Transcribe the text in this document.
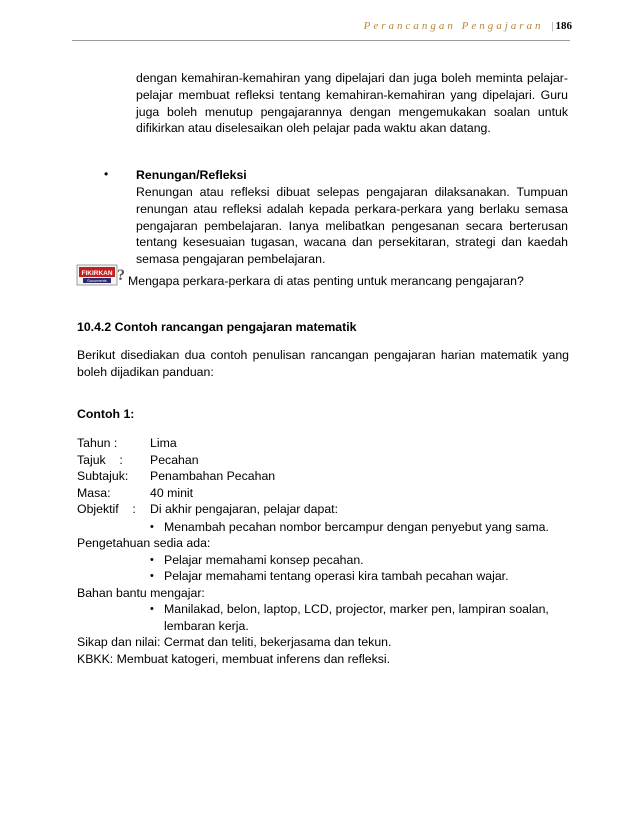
Perancangan Pengajaran | 186
dengan kemahiran-kemahiran yang dipelajari dan juga boleh meminta pelajar-pelajar membuat refleksi tentang kemahiran-kemahiran yang dipelajari. Guru juga boleh menutup pengajarannya dengan mengemukakan soalan untuk difikirkan atau diselesaikan oleh pelajar pada waktu akan datang.
• Renungan/Refleksi
Renungan atau refleksi dibuat selepas pengajaran dilaksanakan. Tumpuan renungan atau refleksi adalah kepada perkara-perkara yang berlaku semasa pengajaran pembelajaran. Ianya melibatkan pengesanan secara berterusan tentang kesesuaian tugasan, wacana dan persekitaran, strategi dan kaedah semasa pengajaran pembelajaran.
FIKIRKAN
Documents ? Mengapa perkara-perkara di atas penting untuk merancang pengajaran?
10.4.2 Contoh rancangan pengajaran matematik
Berikut disediakan dua contoh penulisan rancangan pengajaran harian matematik yang boleh dijadikan panduan:
Contoh 1:
Tahun :	Lima
Tajuk    : Pecahan
Subtajuk: Penambahan Pecahan
Masa:	40 minit
Objektif    : Di akhir pengajaran, pelajar dapat:
• Menambah pecahan nombor bercampur dengan penyebut yang sama.
Pengetahuan sedia ada:
• Pelajar memahami konsep pecahan.
• Pelajar memahami tentang operasi kira tambah pecahan wajar.
Bahan bantu mengajar:
• Manilakad, belon, laptop, LCD, projector, marker pen, lampiran soalan,
lembaran kerja.
Sikap dan nilai: Cermat dan teliti, bekerjasama dan tekun.
KBKK: Membuat katogeri, membuat inferens dan refleksi.
